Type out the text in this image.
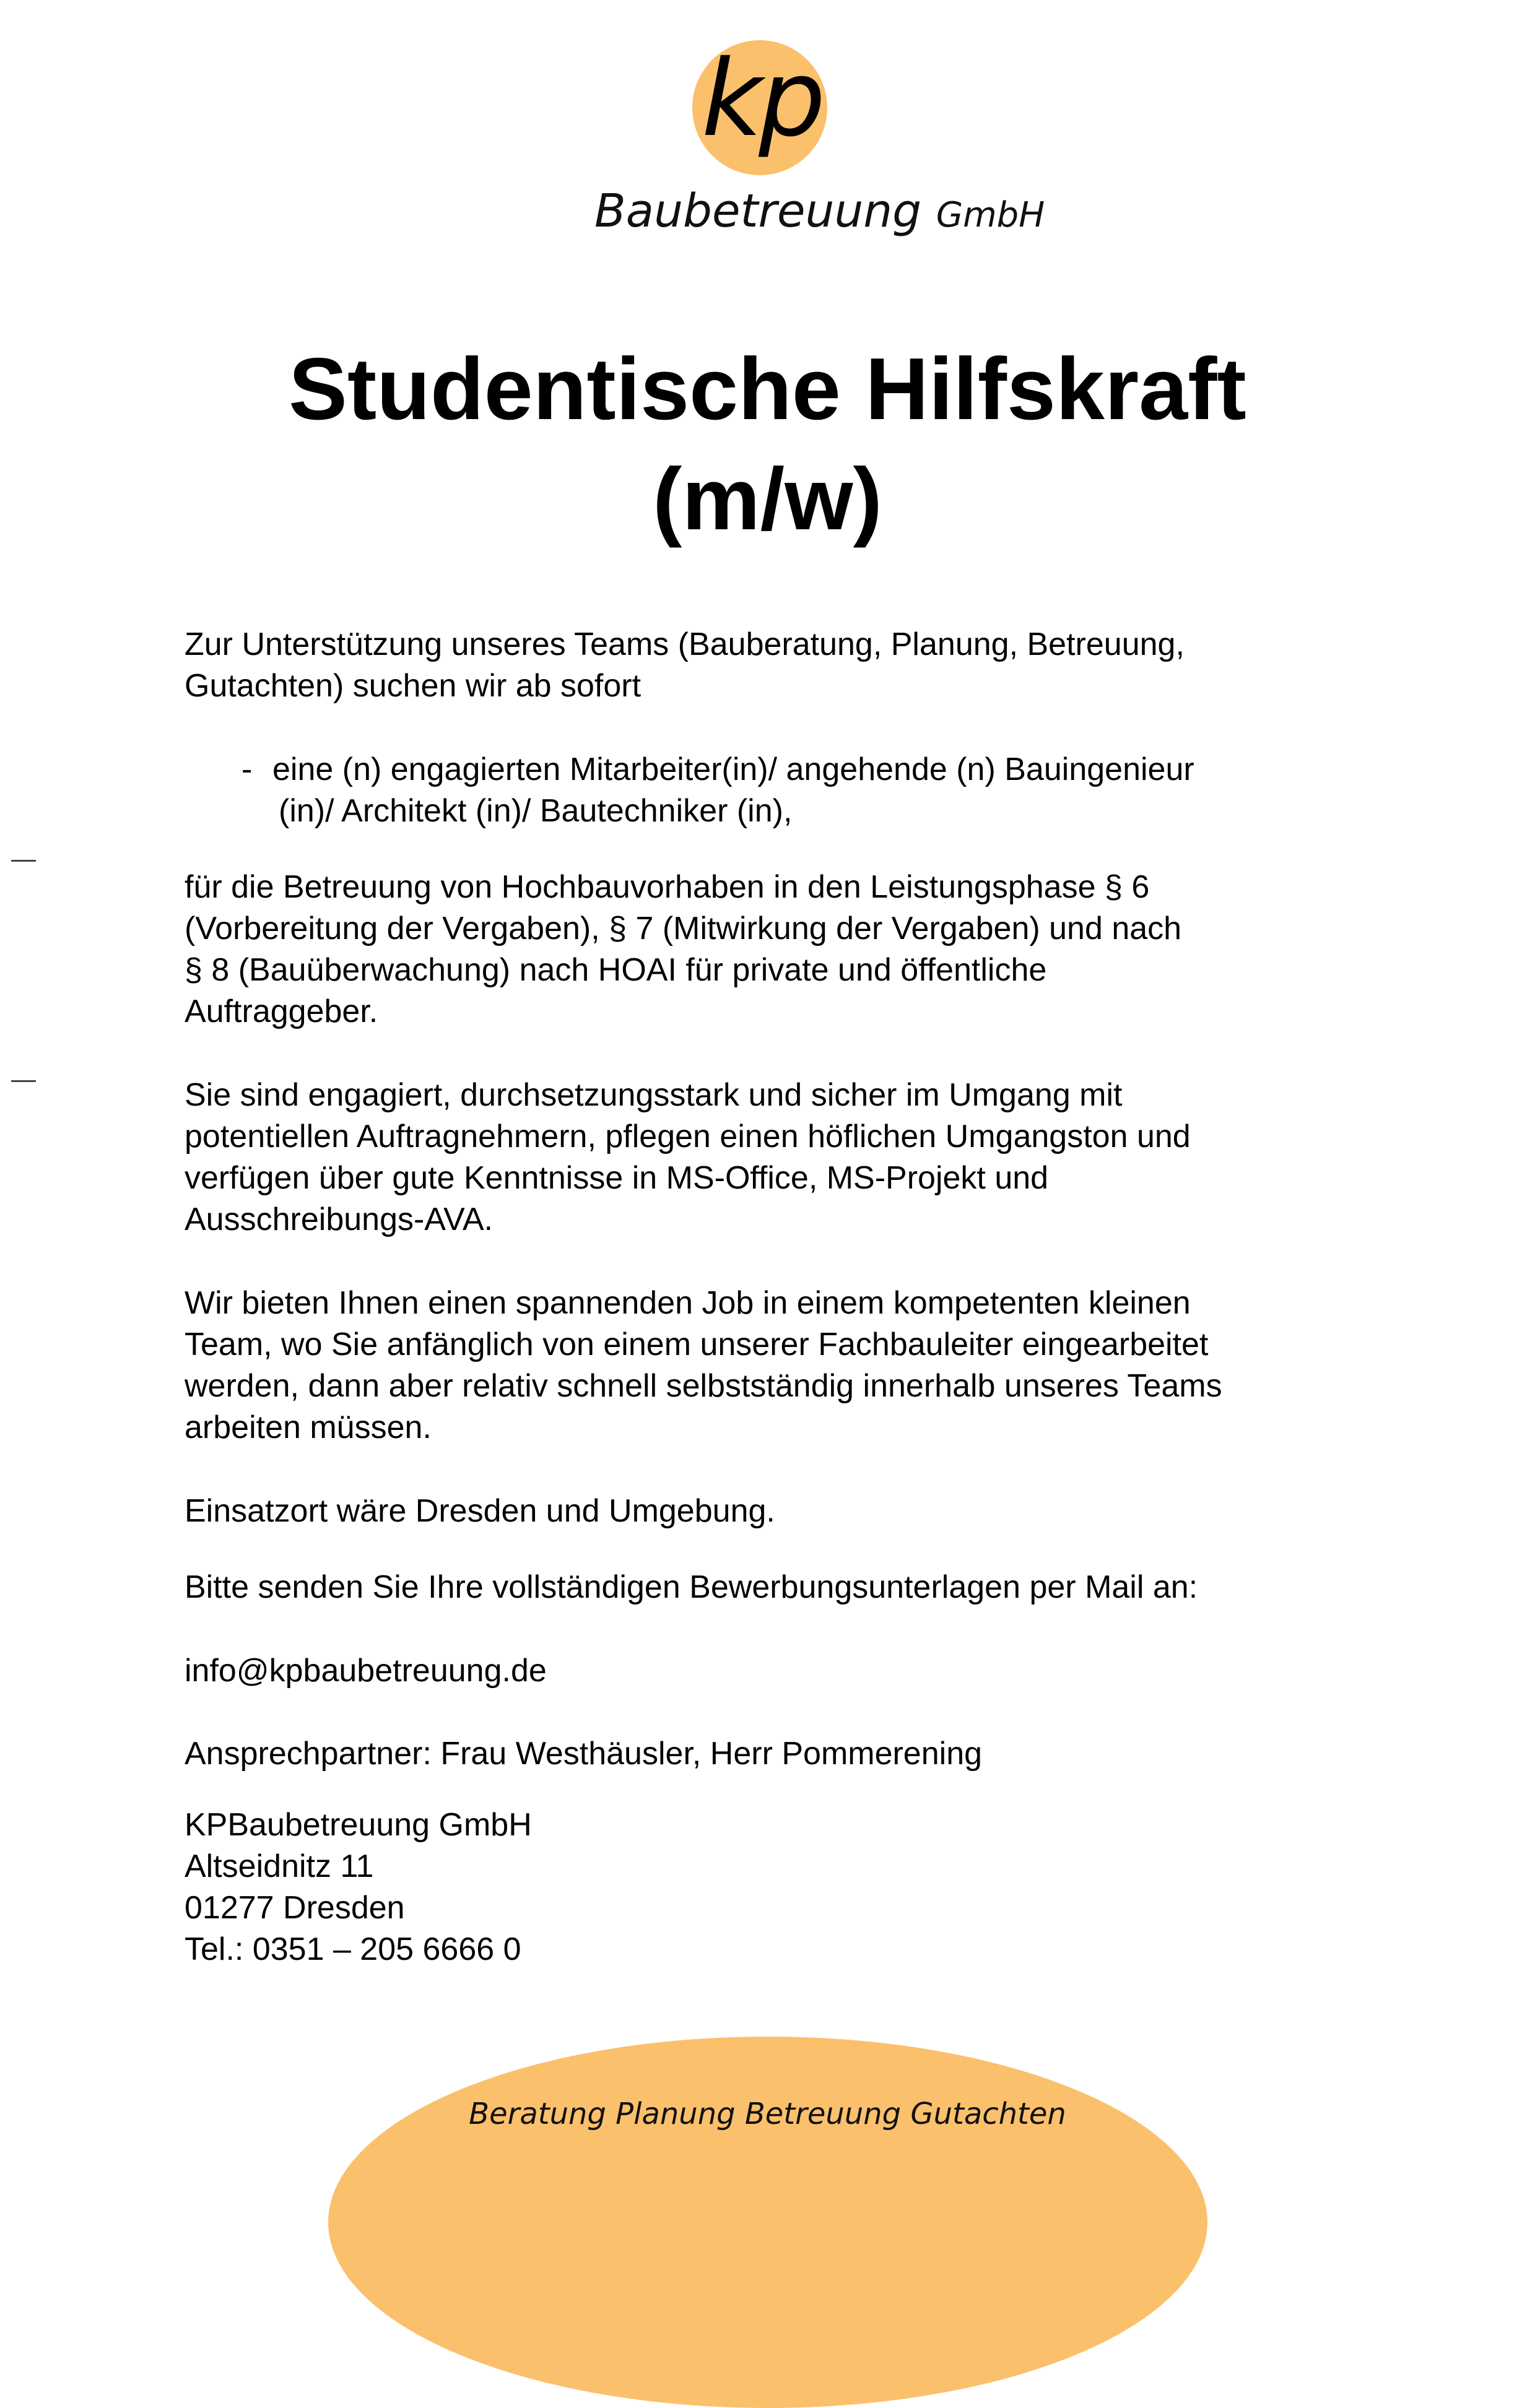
kp
Baubetreuung GmbH
Studentische Hilfskraft
(m/w)

Zur Unterstützung unseres Teams (Bauberatung, Planung, Betreuung,
Gutachten) suchen wir ab sofort

- eine (n) engagierten Mitarbeiter(in)/ angehende (n) Bauingenieur
(in)/ Architekt (in)/ Bautechniker (in),

für die Betreuung von Hochbauvorhaben in den Leistungsphase § 6
(Vorbereitung der Vergaben), § 7 (Mitwirkung der Vergaben) und nach
§ 8 (Bauüberwachung) nach HOAI für private und öffentliche
Auftraggeber.

Sie sind engagiert, durchsetzungsstark und sicher im Umgang mit
potentiellen Auftragnehmern, pflegen einen höflichen Umgangston und
verfügen über gute Kenntnisse in MS-Office, MS-Projekt und
Ausschreibungs-AVA.

Wir bieten Ihnen einen spannenden Job in einem kompetenten kleinen
Team, wo Sie anfänglich von einem unserer Fachbauleiter eingearbeitet
werden, dann aber relativ schnell selbstständig innerhalb unseres Teams
arbeiten müssen.

Einsatzort wäre Dresden und Umgebung.

Bitte senden Sie Ihre vollständigen Bewerbungsunterlagen per Mail an:

info@kpbaubetreuung.de

Ansprechpartner: Frau Westhäusler, Herr Pommerening

KPBaubetreuung GmbH
Altseidnitz 11
01277 Dresden
Tel.: 0351 – 205 6666 0

Beratung Planung Betreuung Gutachten
